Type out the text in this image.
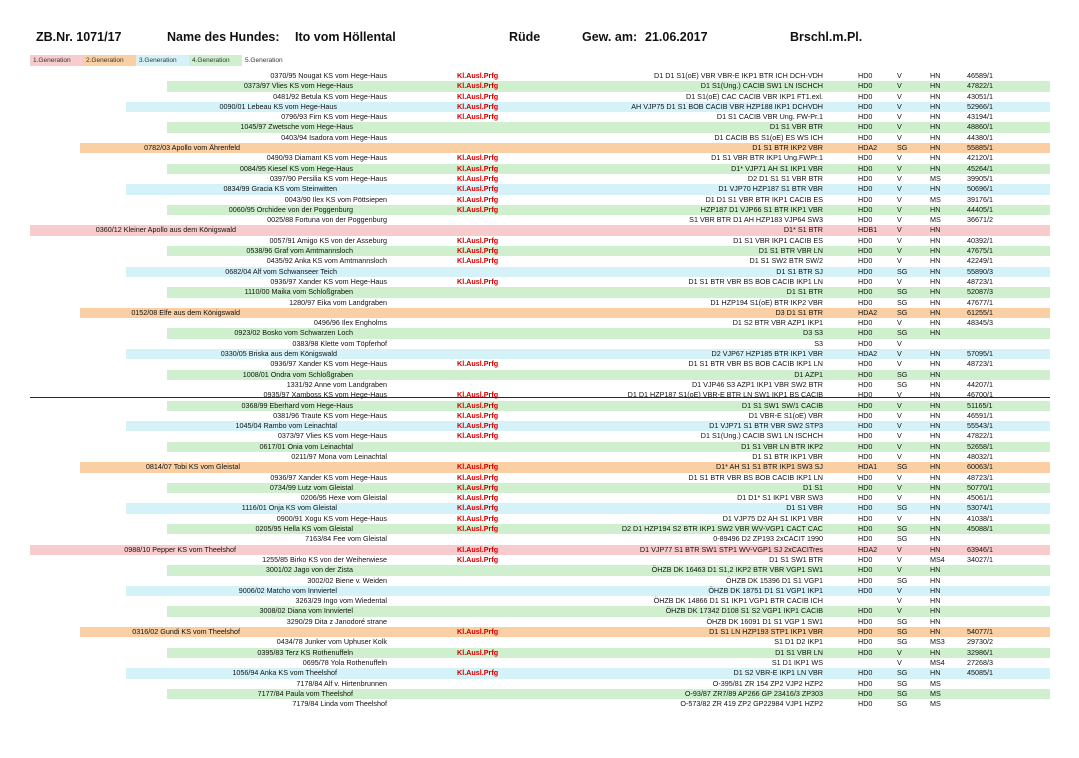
ZB.Nr. 1071/17	Name des Hundes: Ito vom Höllental	Rüde	Gew. am: 21.06.2017	Brschl.m.Pl.
1.Generation	2.Generation	3.Generation	4.Generation	5.Generation
0370/95 Nougat KS vom Hege-Haus	Kl.Ausl.Prfg	D1 D1 S1(oE) VBR VBR-E IKP1 BTR ICH DCH-VDH	HD0	V	HN	46589/1
0373/97 Vlies KS vom Hege-Haus	Kl.Ausl.Prfg	D1 S1(Ung.) CACIB SW1 LN ISCHCH	HD0	V	HN	47822/1
0481/92 Betula KS vom Hege-Haus	Kl.Ausl.Prfg	D1 S1(oE) CAC CACIB VBR IKP1 FT1.exl.	HD0	V	HN	43051/1
0090/01 Lebeau KS vom Hege-Haus	Kl.Ausl.Prfg	AH VJP75 D1 S1 BOB CACIB VBR HZP188 IKP1 DCHVDH	HD0	V	HN	52966/1
0796/93 Firn KS vom Hege-Haus	Kl.Ausl.Prfg	D1 S1 CACIB VBR Ung. FW-Pr.1	HD0	V	HN	43194/1
1045/97 Zwetsche vom Hege-Haus	D1 S1 VBR BTR	HD0	V	HN	48860/1
0403/94 Isadora vom Hege-Haus	D1 CACIB BS S1(oE) ES WS ICH	HD0	V	HN	44380/1
0782/03 Apollo vom Ährenfeld	D1 S1 BTR IKP2 VBR	HDA2	SG	HN	55885/1
0490/93 Diamant KS vom Hege-Haus	Kl.Ausl.Prfg	D1 S1 VBR BTR IKP1 Ung.FWPr.1	HD0	V	HN	42120/1
0084/95 Kiesel KS vom Hege-Haus	Kl.Ausl.Prfg	D1* VJP71 AH S1 IKP1 VBR	HD0	V	HN	45264/1
0397/90 Persilia KS vom Hege-Haus	Kl.Ausl.Prfg	D2 D1 S1 S1 VBR BTR	HD0	V	MS	39905/1
0834/99 Gracia KS vom Steinwitten	Kl.Ausl.Prfg	D1 VJP70 HZP187 S1 BTR VBR	HD0	V	HN	50696/1
0043/90 Ilex KS vom Pöttsiepen	Kl.Ausl.Prfg	D1 D1 S1 VBR BTR IKP1 CACIB ES	HD0	V	MS	39176/1
0060/95 Orchidee von der Poggenburg	Kl.Ausl.Prfg	HZP187 D1 VJP66 S1 BTR IKP1 VBR	HD0	V	HN	44405/1
0025/88 Fortuna von der Poggenburg	S1 VBR BTR D1 AH HZP183 VJP64 SW3	HD0	V	MS	36671/2
0360/12 Kleiner Apollo aus dem Königswald	D1* S1 BTR	HDB1	V	HN
0057/91 Amigo KS von der Asseburg	Kl.Ausl.Prfg	D1 S1 VBR IKP1 CACIB ES	HD0	V	HN	40392/1
0538/96 Graf vom Amtmannsloch	Kl.Ausl.Prfg	D1 S1 BTR VBR LN	HD0	V	HN	47675/1
0435/92 Anka KS vom Amtmannsloch	Kl.Ausl.Prfg	D1 S1 SW2 BTR SW/2	HD0	V	HN	42249/1
0682/04 Alf vom Schwanseer Teich	D1 S1 BTR SJ	HD0	SG	HN	55890/3
0936/97 Xander KS vom Hege-Haus	Kl.Ausl.Prfg	D1 S1 BTR VBR BS BOB CACIB IKP1 LN	HD0	V	HN	48723/1
1110/00 Maika vom Schloßgraben	D1 S1 BTR	HD0	SG	HN	52087/3
1280/97 Eika vom Landgraben	D1 HZP194 S1(oE) BTR IKP2 VBR	HD0	SG	HN	47677/1
0152/08 Elfe aus dem Königswald	D3 D1 S1 BTR	HDA2	SG	HN	61255/1
0496/96 Ilex Engholms	D1 S2 BTR VBR AZP1 IKP1	HD0	V	HN	48345/3
0923/02 Bosko vom Schwarzen Loch	D3 S3	HD0	SG	HN
0383/98 Klette vom Töpferhof	S3	HD0	V
0330/05 Briska aus dem Königswald	D2 VJP67 HZP185 BTR IKP1 VBR	HDA2	V	HN	57095/1
0936/97 Xander KS vom Hege-Haus	Kl.Ausl.Prfg	D1 S1 BTR VBR BS BOB CACIB IKP1 LN	HD0	V	HN	48723/1
1008/01 Ondra vom Schloßgraben	D1 AZP1	HD0	SG	HN
1331/92 Anne vom Landgraben	D1 VJP46 S3 AZP1 IKP1 VBR SW2 BTR	HD0	SG	HN	44207/1
0935/97 Xamboss KS vom Hege-Haus	Kl.Ausl.Prfg	D1 D1 HZP187 S1(oE) VBR-E BTR LN SW1 IKP1 BS CACIB	HD0	V	HN	46700/1
0368/99 Eberhard vom Hege-Haus	Kl.Ausl.Prfg	D1 S1 SW1 SW/1 CACIB	HD0	V	HN	51165/1
0381/96 Traute KS vom Hege-Haus	Kl.Ausl.Prfg	D1 VBR-E S1(oE) VBR	HD0	V	HN	46591/1
1045/04 Rambo vom Leinachtal	Kl.Ausl.Prfg	D1 VJP71 S1 BTR VBR SW2 STP3	HD0	V	HN	55543/1
0373/97 Vlies KS vom Hege-Haus	Kl.Ausl.Prfg	D1 S1(Ung.) CACIB SW1 LN ISCHCH	HD0	V	HN	47822/1
0617/01 Onia vom Leinachtal	D1 S1 VBR LN BTR IKP2	HD0	V	HN	52658/1
0211/97 Mona vom Leinachtal	D1 S1 BTR IKP1 VBR	HD0	V	HN	48032/1
0814/07 Tobi KS vom Gleistal	Kl.Ausl.Prfg	D1* AH S1 S1 BTR IKP1 SW3 SJ	HDA1	SG	HN	60063/1
0936/97 Xander KS vom Hege-Haus	Kl.Ausl.Prfg	D1 S1 BTR VBR BS BOB CACIB IKP1 LN	HD0	V	HN	48723/1
0734/99 Lutz vom Gleistal	Kl.Ausl.Prfg	D1 S1	HD0	V	HN	50770/1
0206/95 Hexe vom Gleistal	Kl.Ausl.Prfg	D1 D1* S1 IKP1 VBR SW3	HD0	V	HN	45061/1
1116/01 Onja KS vom Gleistal	Kl.Ausl.Prfg	D1 S1 VBR	HD0	SG	HN	53074/1
0900/91 Xogu KS vom Hege-Haus	Kl.Ausl.Prfg	D1 VJP75 D2 AH S1 IKP1 VBR	HD0	V	HN	41038/1
0205/95 Hella KS vom Gleistal	Kl.Ausl.Prfg	D2 D1 HZP194 S2 BTR IKP1 SW2 VBR WV-VGP1 CACT CAC	HD0	SG	HN	45088/1
7163/84 Fee vom Gleistal	0-89496 D2 ZP193 2xCACIT 1990	HD0	SG	HN
0988/10 Pepper KS vom Theelshof	Kl.Ausl.Prfg	D1 VJP77 S1 BTR SW1 STP1 WV-VGP1 SJ 2xCACITres	HDA2	V	HN	63946/1
1255/85 Birko KS von der Weiherwiese	Kl.Ausl.Prfg	D1 S1 SW1 BTR	HD0	V	MS4	34027/1
3001/02 Jago von der Zista	ÖHZB DK 16463 D1 S1,2 IKP2 BTR VBR VGP1 SW1	HD0	V	HN
3002/02 Biene v. Weiden	ÖHZB DK 15396 D1 S1 VGP1	HD0	SG	HN
9006/02 Matcho vom Innviertel	ÖHZB DK 18751 D1 S1 VGP1 IKP1	HD0	V	HN
3263/29 Ingo vom Wiedental	ÖHZB DK 14866 D1 S1 IKP1 VGP1 BTR CACIB ICH	V	HN
3008/02 Diana vom Innviertel	ÖHZB DK 17342 D108 S1 S2 VGP1 IKP1 CACIB	HD0	V	HN
3290/29 Dita z Janodoré strane	ÖHZB DK 16091 D1 S1 VGP 1 SW1	HD0	SG	HN
0316/02 Gundi KS vom Theelshof	Kl.Ausl.Prfg	D1 S1 LN HZP193 STP1 IKP1 VBR	HD0	SG	HN	54077/1
0434/78 Junker vom Uphuser Kolk	S1 D1 D2 IKP1	HD0	SG	MS3	29730/2
0395/83 Terz KS Rothenuffeln	Kl.Ausl.Prfg	D1 S1 VBR LN	HD0	V	HN	32986/1
0695/78 Yola Rothenuffeln	S1 D1 IKP1 WS	V	MS4	27268/3
1056/94 Anka KS vom Theelshof	Kl.Ausl.Prfg	D1 S2 VBR-E IKP1 LN VBR	HD0	SG	HN	45085/1
7178/84 Alf v. Hirtenbrunnen	O-395/81 ZR 154 ZP2 VJP2 HZP2	HD0	SG	MS
7177/84 Paula vom Theelshof	O-93/87 ZR7/89 AP266 GP 23416/3 ZP303	HD0	SG	MS
7179/84 Linda vom Theelshof	O-573/82 ZR 419 ZP2 GP22984 VJP1 HZP2	HD0	SG	MS
